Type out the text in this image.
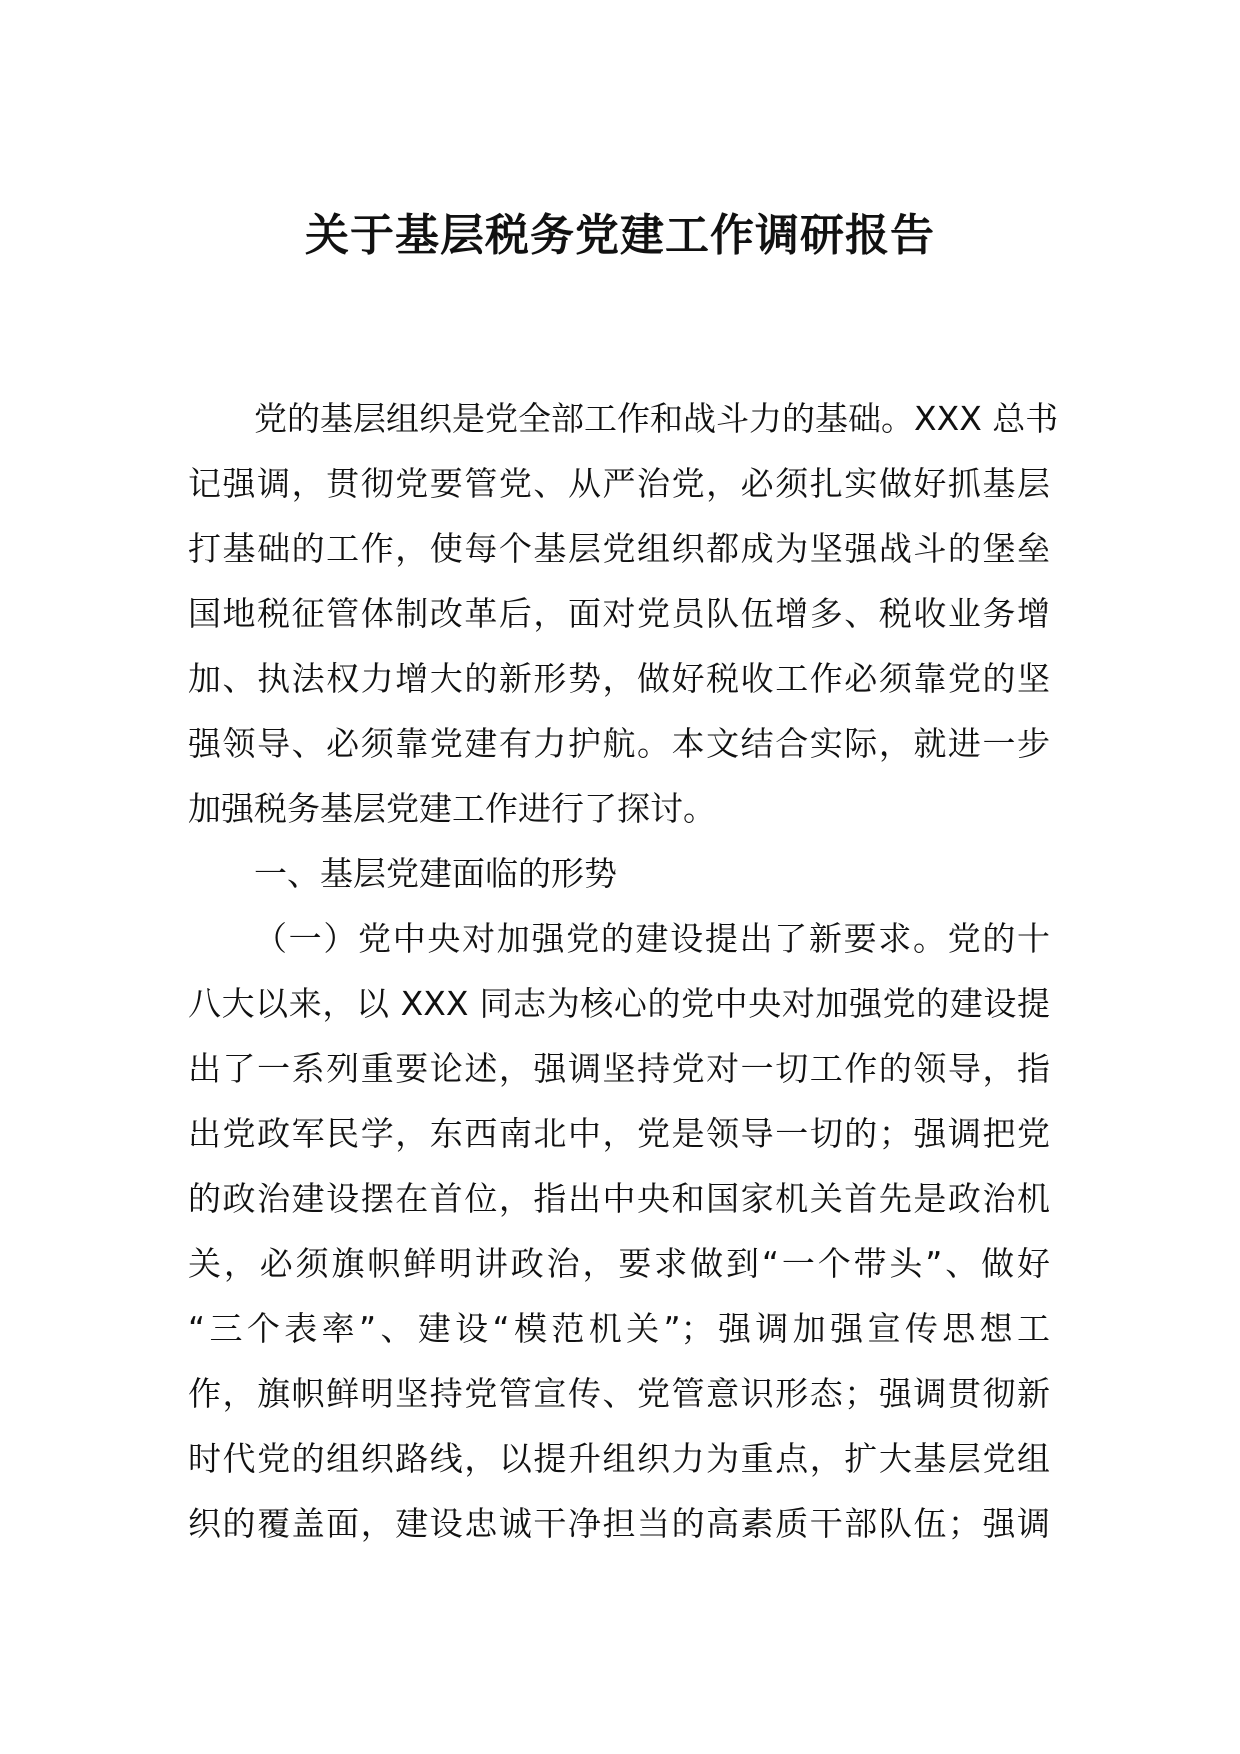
关于基层税务党建工作调研报告
党的基层组织是党全部工作和战斗力的基础。XXX 总书
记强调，贯彻党要管党、从严治党，必须扎实做好抓基层
打基础的工作，使每个基层党组织都成为坚强战斗的堡垒
国地税征管体制改革后，面对党员队伍增多、税收业务增
加、执法权力增大的新形势，做好税收工作必须靠党的坚
强领导、必须靠党建有力护航。本文结合实际，就进一步
加强税务基层党建工作进行了探讨。
一、基层党建面临的形势
（一）党中央对加强党的建设提出了新要求。党的十
八大以来，以 XXX 同志为核心的党中央对加强党的建设提
出了一系列重要论述，强调坚持党对一切工作的领导，指
出党政军民学，东西南北中，党是领导一切的；强调把党
的政治建设摆在首位，指出中央和国家机关首先是政治机
关，必须旗帜鲜明讲政治，要求做到“一个带头”、做好
“三个表率”、建设“模范机关”；强调加强宣传思想工
作，旗帜鲜明坚持党管宣传、党管意识形态；强调贯彻新
时代党的组织路线，以提升组织力为重点，扩大基层党组
织的覆盖面，建设忠诚干净担当的高素质干部队伍；强调
